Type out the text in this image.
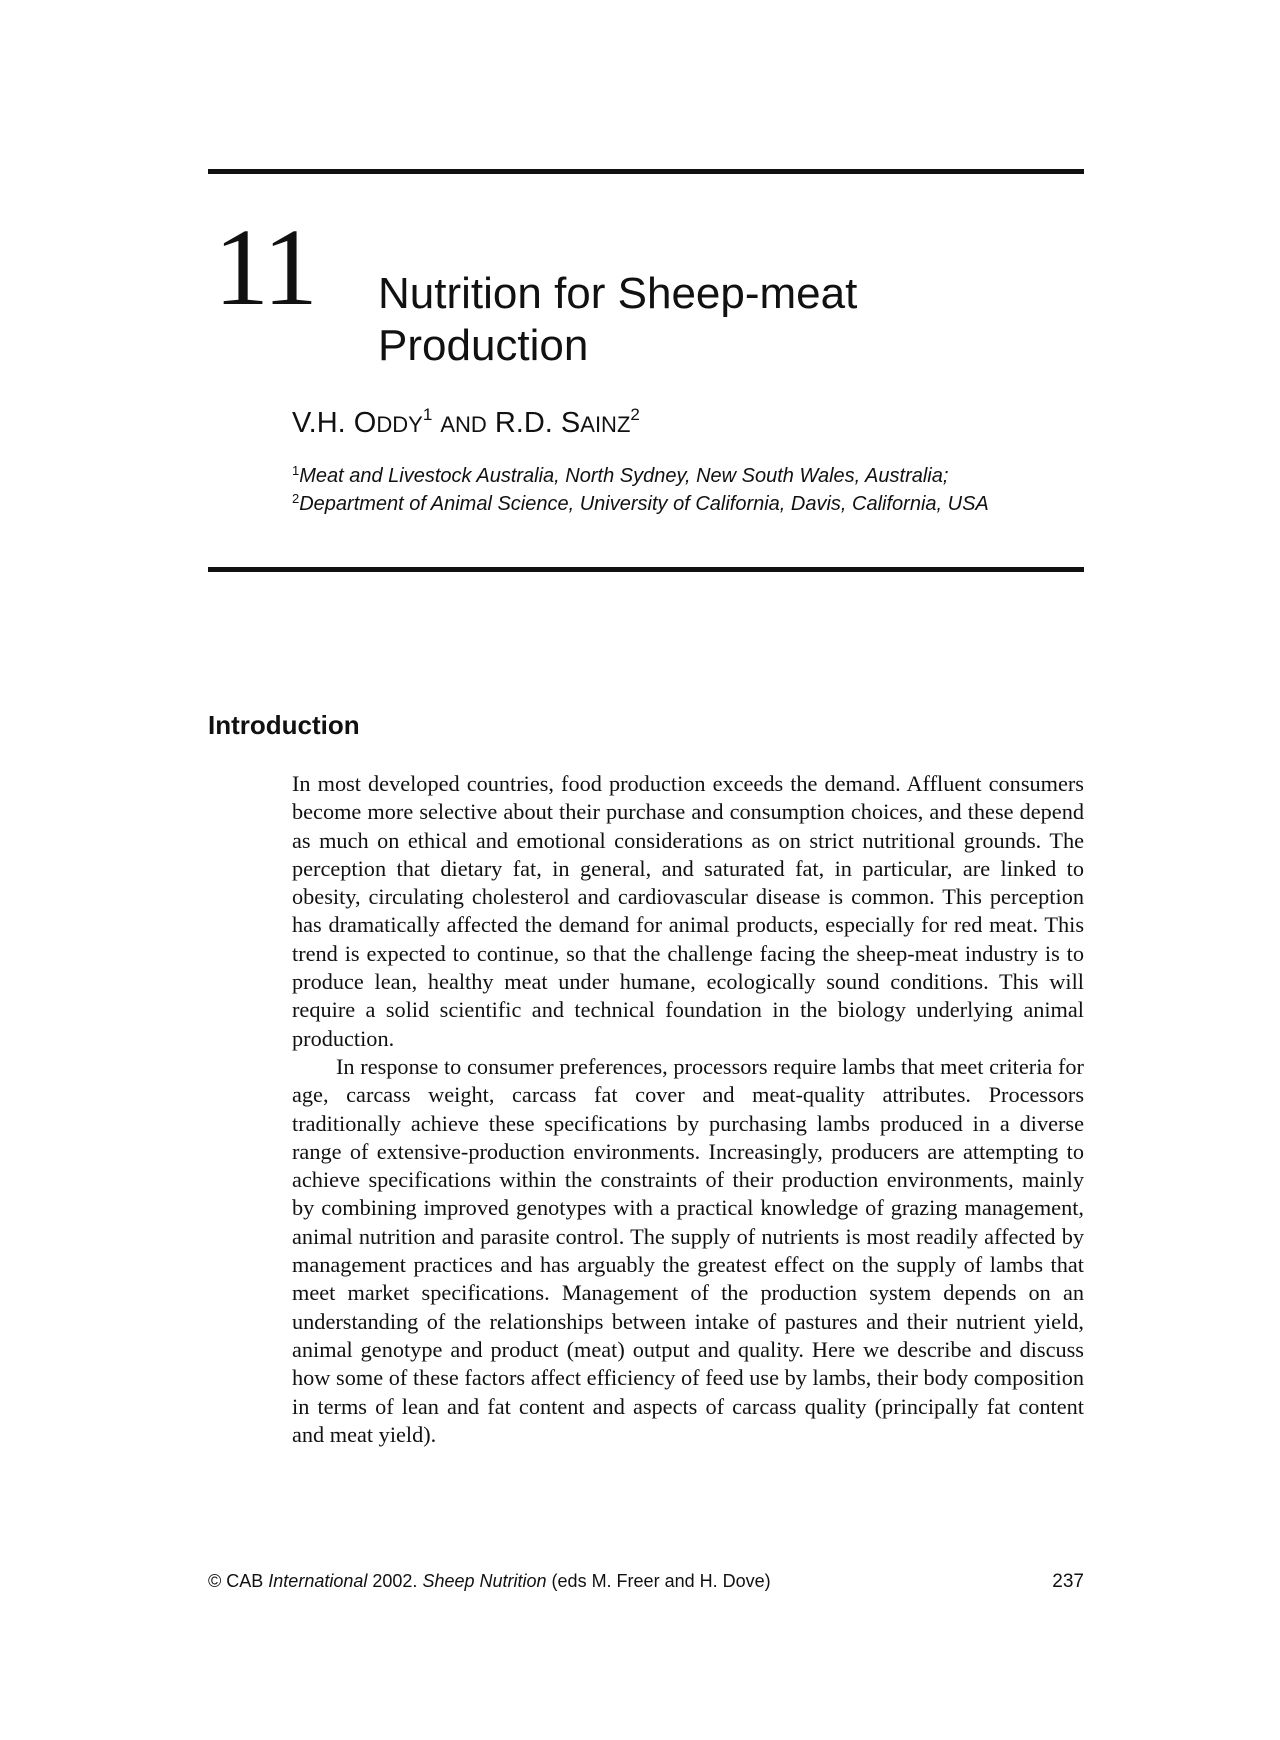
11 Nutrition for Sheep-meat
Production
V.H. ODDY$^1$ AND R.D. SAINZ$^2$
$^1$Meat and Livestock Australia, North Sydney, New South Wales, Australia;
$^2$Department of Animal Science, University of California, Davis, California, USA
Introduction

In most developed countries, food production exceeds the demand. Affluent consumers become more selective about their purchase and consumption choices, and these depend as much on ethical and emotional considerations as on strict nutritional grounds. The perception that dietary fat, in general, and saturated fat, in particular, are linked to obesity, circulating cholesterol and cardiovascular disease is common. This perception has dramatically affected the demand for animal products, especially for red meat. This trend is expected to continue, so that the challenge facing the sheep-meat industry is to produce lean, healthy meat under humane, ecologically sound conditions. This will require a solid scientific and technical foundation in the biology underlying animal production.

In response to consumer preferences, processors require lambs that meet criteria for age, carcass weight, carcass fat cover and meat-quality attributes. Processors traditionally achieve these specifications by purchasing lambs produced in a diverse range of extensive-production environments. Increasingly, producers are attempting to achieve specifications within the constraints of their production environments, mainly by combining improved genotypes with a practical knowledge of grazing management, animal nutrition and parasite control. The supply of nutrients is most readily affected by management practices and has arguably the greatest effect on the supply of lambs that meet market specifications. Management of the production system depends on an understanding of the relationships between intake of pastures and their nutrient yield, animal genotype and product (meat) output and quality. Here we describe and discuss how some of these factors affect efficiency of feed use by lambs, their body composition in terms of lean and fat content and aspects of carcass quality (principally fat content and meat yield).

© CAB International 2002. Sheep Nutrition (eds M. Freer and H. Dove)	237
